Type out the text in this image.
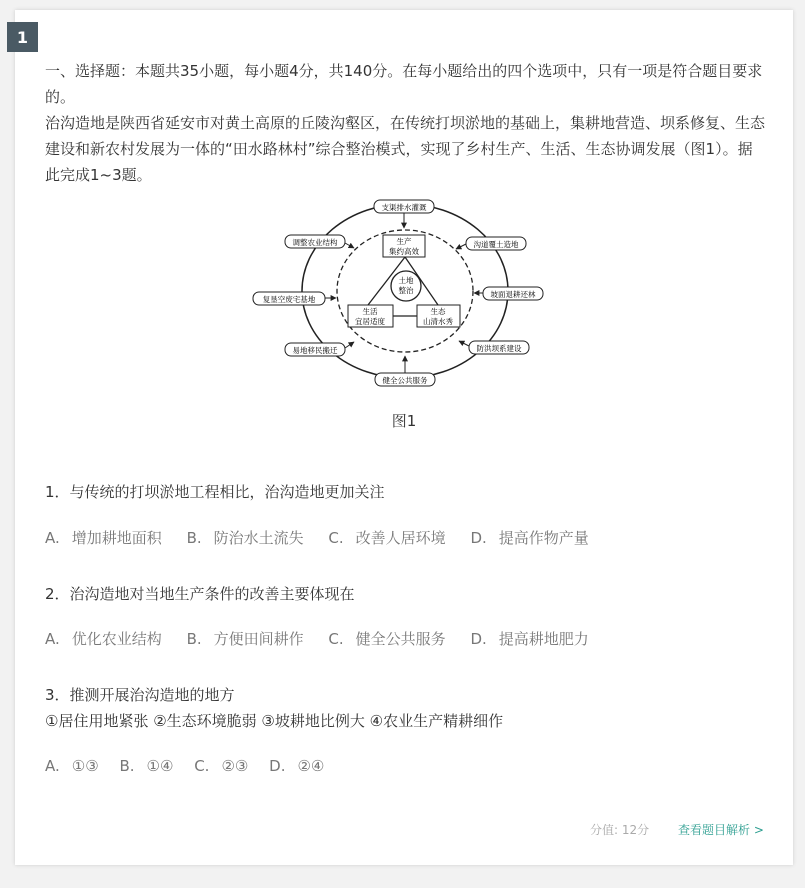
1

一、选择题：本题共35小题，每小题4分，共140分。在每小题给出的四个选项中，只有一项是符合题目要求的。

治沟造地是陕西省延安市对黄土高原的丘陵沟壑区，在传统打坝淤地的基础上，集耕地营造、坝系修复、生态建设和新农村发展为一体的“田水路林村”综合整治模式，实现了乡村生产、生活、生态协调发展（图1）。据此完成1~3题。

土地
整治
生产
集约高效
生活
宜居适度
生态
山清水秀
支渠排水灌溉
调整农业结构	沟道覆土造地
复垦空废宅基地
坡面退耕还林
易地移民搬迁	防洪坝系建设
健全公共服务
图1
1．与传统的打坝淤地工程相比，治沟造地更加关注
A. 增加耕地面积 B. 防治水土流失 C. 改善人居环境 D. 提高作物产量
2．治沟造地对当地生产条件的改善主要体现在
A. 优化农业结构 B. 方便田间耕作 C. 健全公共服务 D. 提高耕地肥力
3．推测开展治沟造地的地方
①居住用地紧张 ②生态环境脆弱 ③坡耕地比例大 ④农业生产精耕细作
A. ①③ B. ①④ C. ②③ D. ②④
分值: 12分 查看题目解析 >
